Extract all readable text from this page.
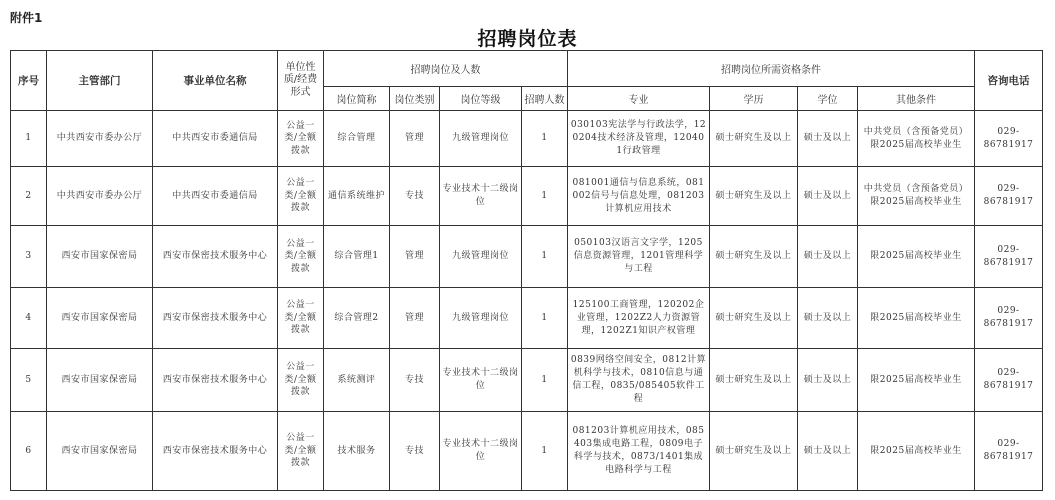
附件1
招聘岗位表
序号	主管部门	事业单位名称	单位性质/经费形式	招聘岗位及人数				招聘岗位所需资格条件				咨询电话
				岗位简称	岗位类别	岗位等级	招聘人数	专业	学历	学位	其他条件	
1	中共西安市委办公厅	中共西安市委通信局	公益一类/全额拨款	综合管理	管理	九级管理岗位	1	030103宪法学与行政法学，120204技术经济及管理，120401行政管理	硕士研究生及以上	硕士及以上	中共党员（含预备党员）限2025届高校毕业生	029-86781917
2	中共西安市委办公厅	中共西安市委通信局	公益一类/全额拨款	通信系统维护	专技	专业技术十二级岗位	1	081001通信与信息系统，081002信号与信息处理，081203计算机应用技术	硕士研究生及以上	硕士及以上	中共党员（含预备党员）限2025届高校毕业生	029-86781917
3	西安市国家保密局	西安市保密技术服务中心	公益一类/全额拨款	综合管理1	管理	九级管理岗位	1	050103汉语言文字学，1205信息资源管理，1201管理科学与工程	硕士研究生及以上	硕士及以上	限2025届高校毕业生	029-86781917
4	西安市国家保密局	西安市保密技术服务中心	公益一类/全额拨款	综合管理2	管理	九级管理岗位	1	125100工商管理，120202企业管理，1202Z2人力资源管理，1202Z1知识产权管理	硕士研究生及以上	硕士及以上	限2025届高校毕业生	029-86781917
5	西安市国家保密局	西安市保密技术服务中心	公益一类/全额拨款	系统测评	专技	专业技术十二级岗位	1	0839网络空间安全，0812计算机科学与技术，0810信息与通信工程，0835/085405软件工程	硕士研究生及以上	硕士及以上	限2025届高校毕业生	029-86781917
6	西安市国家保密局	西安市保密技术服务中心	公益一类/全额拨款	技术服务	专技	专业技术十二级岗位	1	081203计算机应用技术，085403集成电路工程，0809电子科学与技术，0873/1401集成电路科学与工程	硕士研究生及以上	硕士及以上	限2025届高校毕业生	029-86781917
